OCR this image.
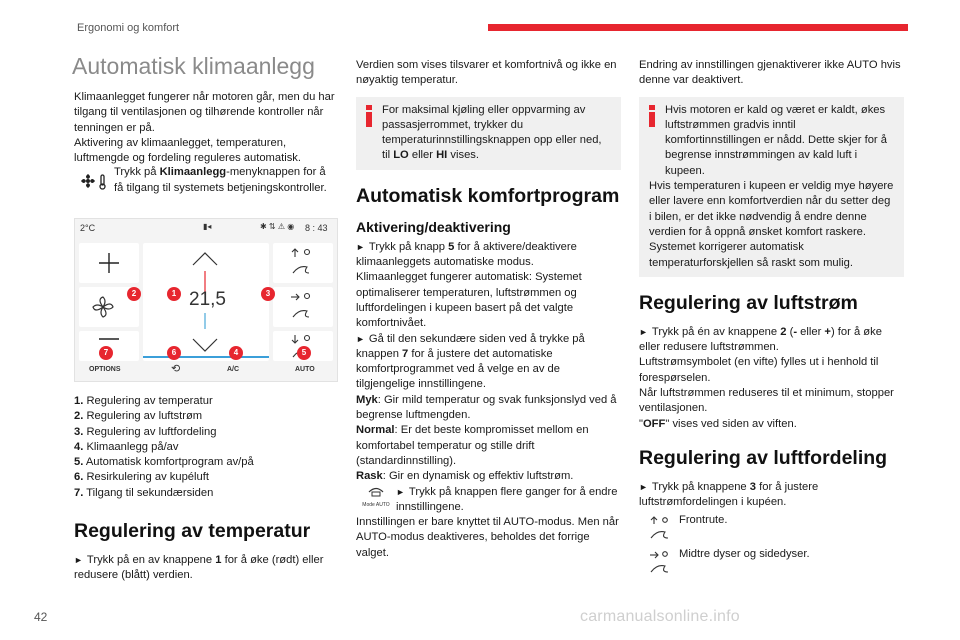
Ergonomi og komfort
Automatisk klimaanlegg

Klimaanlegget fungerer når motoren går, men du har tilgang til ventilasjonen og tilhørende kontroller når tenningen er på.

Aktivering av klimaanlegget, temperaturen, luftmengde og fordeling reguleres automatisk.

Trykk på Klimaanlegg-menyknappen for å få tilgang til systemets betjeningskontroller.

2°C	▮◂	✱ ⇅ ⚠ ◉ 8 : 43
21,5
OPTIONS	⟲	A/C	AUTO
1
2	3
4	5
6
7
1. Regulering av temperatur
2. Regulering av luftstrøm
3. Regulering av luftfordeling
4. Klimaanlegg på/av
5. Automatisk komfortprogram av/på
6. Resirkulering av kupéluft
7. Tilgang til sekundærsiden
Regulering av temperatur

► Trykk på en av knappene 1 for å øke (rødt) eller redusere (blått) verdien.

Verdien som vises tilsvarer et komfortnivå og ikke en nøyaktig temperatur.

For maksimal kjøling eller oppvarming av passasjerrommet, trykker du temperaturinnstillingsknappen opp eller ned, til LO eller HI vises.

Automatisk komfortprogram
Aktivering/deaktivering

► Trykk på knapp 5 for å aktivere/deaktivere klimaanleggets automatiske modus.

Klimaanlegget fungerer automatisk: Systemet optimaliserer temperaturen, luftstrømmen og luftfordelingen i kupeen basert på det valgte komfortnivået.

► Gå til den sekundære siden ved å trykke på knappen 7 for å justere det automatiske komfortprogrammet ved å velge en av de tilgjengelige innstillingene.

Myk: Gir mild temperatur og svak funksjonslyd ved å begrense luftmengden.

Normal: Er det beste kompromisset mellom en komfortabel temperatur og stille drift (standardinnstilling).

Rask: Gir en dynamisk og effektiv luftstrøm.

Mode AUTO

► Trykk på knappen flere ganger for å endre innstillingene.

Innstillingen er bare knyttet til AUTO-modus. Men når AUTO-modus deaktiveres, beholdes det forrige valget.

Endring av innstillingen gjenaktiverer ikke AUTO hvis denne var deaktivert.

Hvis motoren er kald og været er kaldt, økes luftstrømmen gradvis inntil komfortinnstillingen er nådd. Dette skjer for å begrense innstrømmingen av kald luft i kupeen.

Hvis temperaturen i kupeen er veldig mye høyere eller lavere enn komfortverdien når du setter deg i bilen, er det ikke nødvendig å endre denne verdien for å oppnå ønsket komfort raskere. Systemet korrigerer automatisk temperaturforskjellen så raskt som mulig.

Regulering av luftstrøm

► Trykk på én av knappene 2 (- eller +) for å øke eller redusere luftstrømmen.

Luftstrømsymbolet (en vifte) fylles ut i henhold til forespørselen.

Når luftstrømmen reduseres til et minimum, stopper ventilasjonen.

"OFF" vises ved siden av viften.

Regulering av luftfordeling

► Trykk på knappene 3 for å justere luftstrømfordelingen i kupéen.

Frontrute.

Midtre dyser og sidedyser.

42	carmanualsonline.info
